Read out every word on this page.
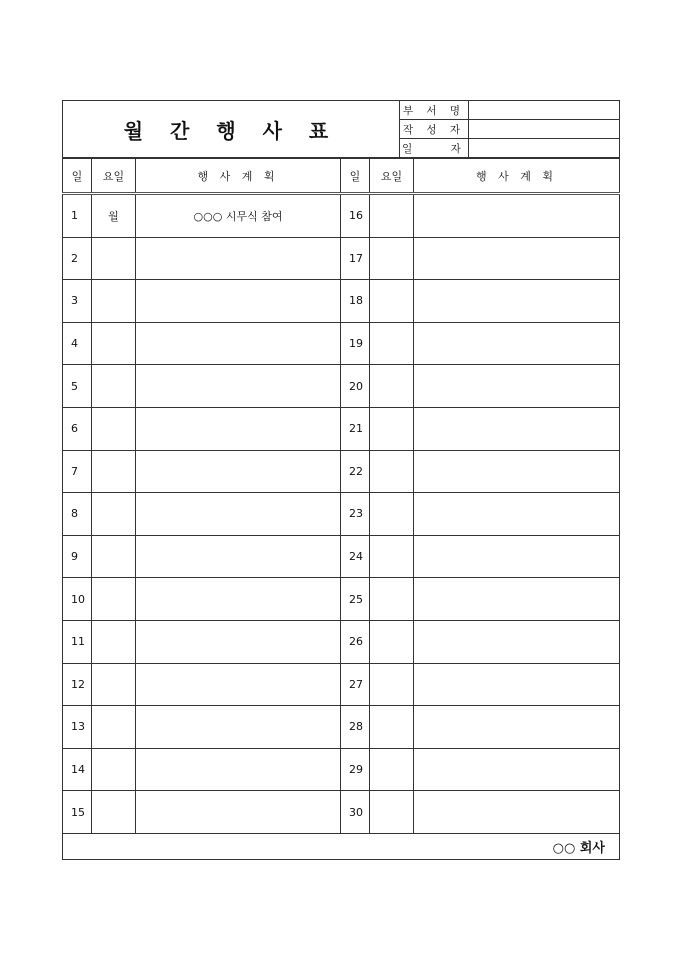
월 간 행 사 표	부 서 명	
	작 성 자	
	일    자	
일	요일	행 사 계 획	일	요일	행 사 계 획
1	월	○○○ 시무식 참여	16		
2			17		
3			18		
4			19		
5			20		
6			21		
7			22		
8			23		
9			24		
10			25		
11			26		
12			27		
13			28		
14			29		
15			30		
○○ 회사					
